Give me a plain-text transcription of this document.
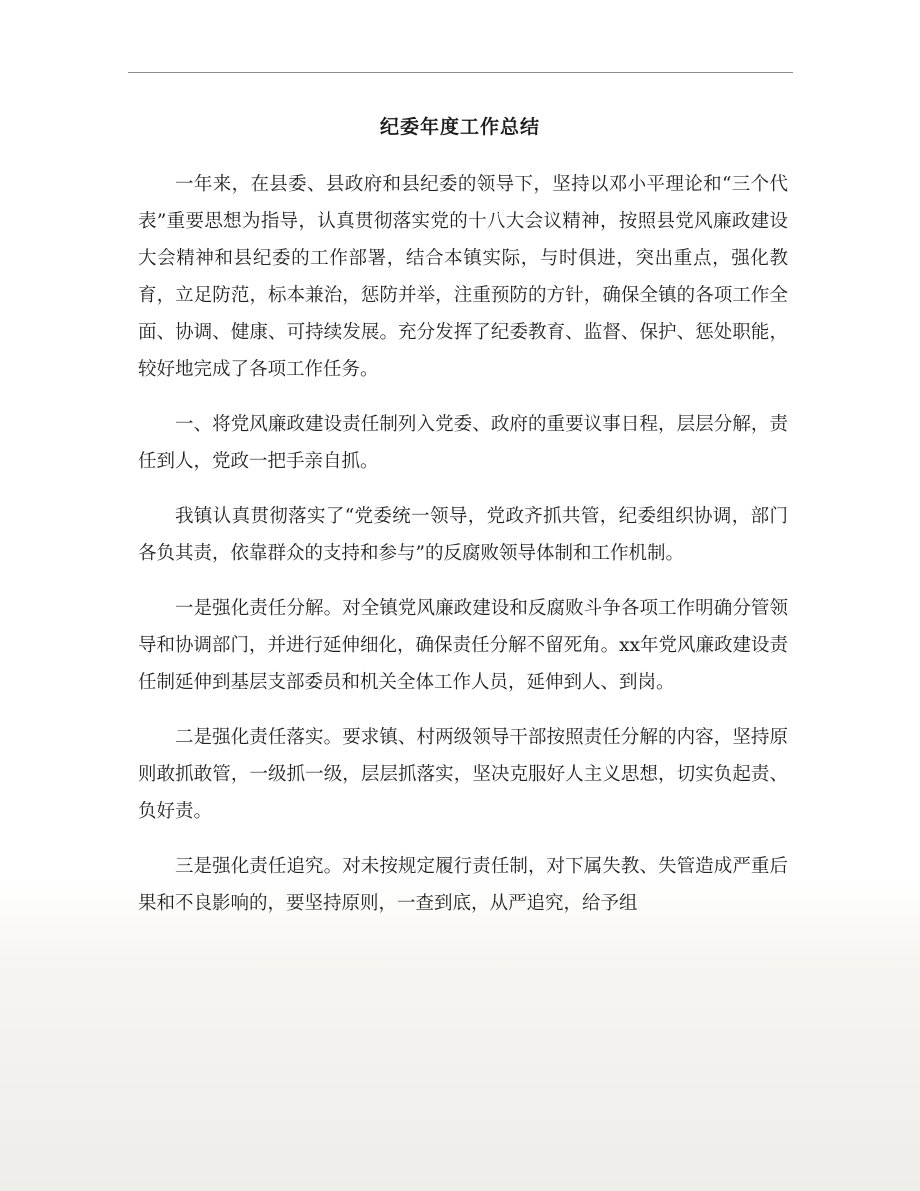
纪委年度工作总结

一年来，在县委、县政府和县纪委的领导下，坚持以邓小平理论和“三个代表”重要思想为指导，认真贯彻落实党的十八大会议精神，按照县党风廉政建设大会精神和县纪委的工作部署，结合本镇实际，与时俱进，突出重点，强化教育，立足防范，标本兼治，惩防并举，注重预防的方针，确保全镇的各项工作全面、协调、健康、可持续发展。充分发挥了纪委教育、监督、保护、惩处职能，较好地完成了各项工作任务。

一、将党风廉政建设责任制列入党委、政府的重要议事日程，层层分解，责任到人，党政一把手亲自抓。

我镇认真贯彻落实了“党委统一领导，党政齐抓共管，纪委组织协调，部门各负其责，依靠群众的支持和参与”的反腐败领导体制和工作机制。

一是强化责任分解。对全镇党风廉政建设和反腐败斗争各项工作明确分管领导和协调部门，并进行延伸细化，确保责任分解不留死角。xx年党风廉政建设责任制延伸到基层支部委员和机关全体工作人员，延伸到人、到岗。

二是强化责任落实。要求镇、村两级领导干部按照责任分解的内容，坚持原则敢抓敢管，一级抓一级，层层抓落实，坚决克服好人主义思想，切实负起责、负好责。

三是强化责任追究。对未按规定履行责任制，对下属失教、失管造成严重后果和不良影响的，要坚持原则，一查到底，从严追究，给予组
